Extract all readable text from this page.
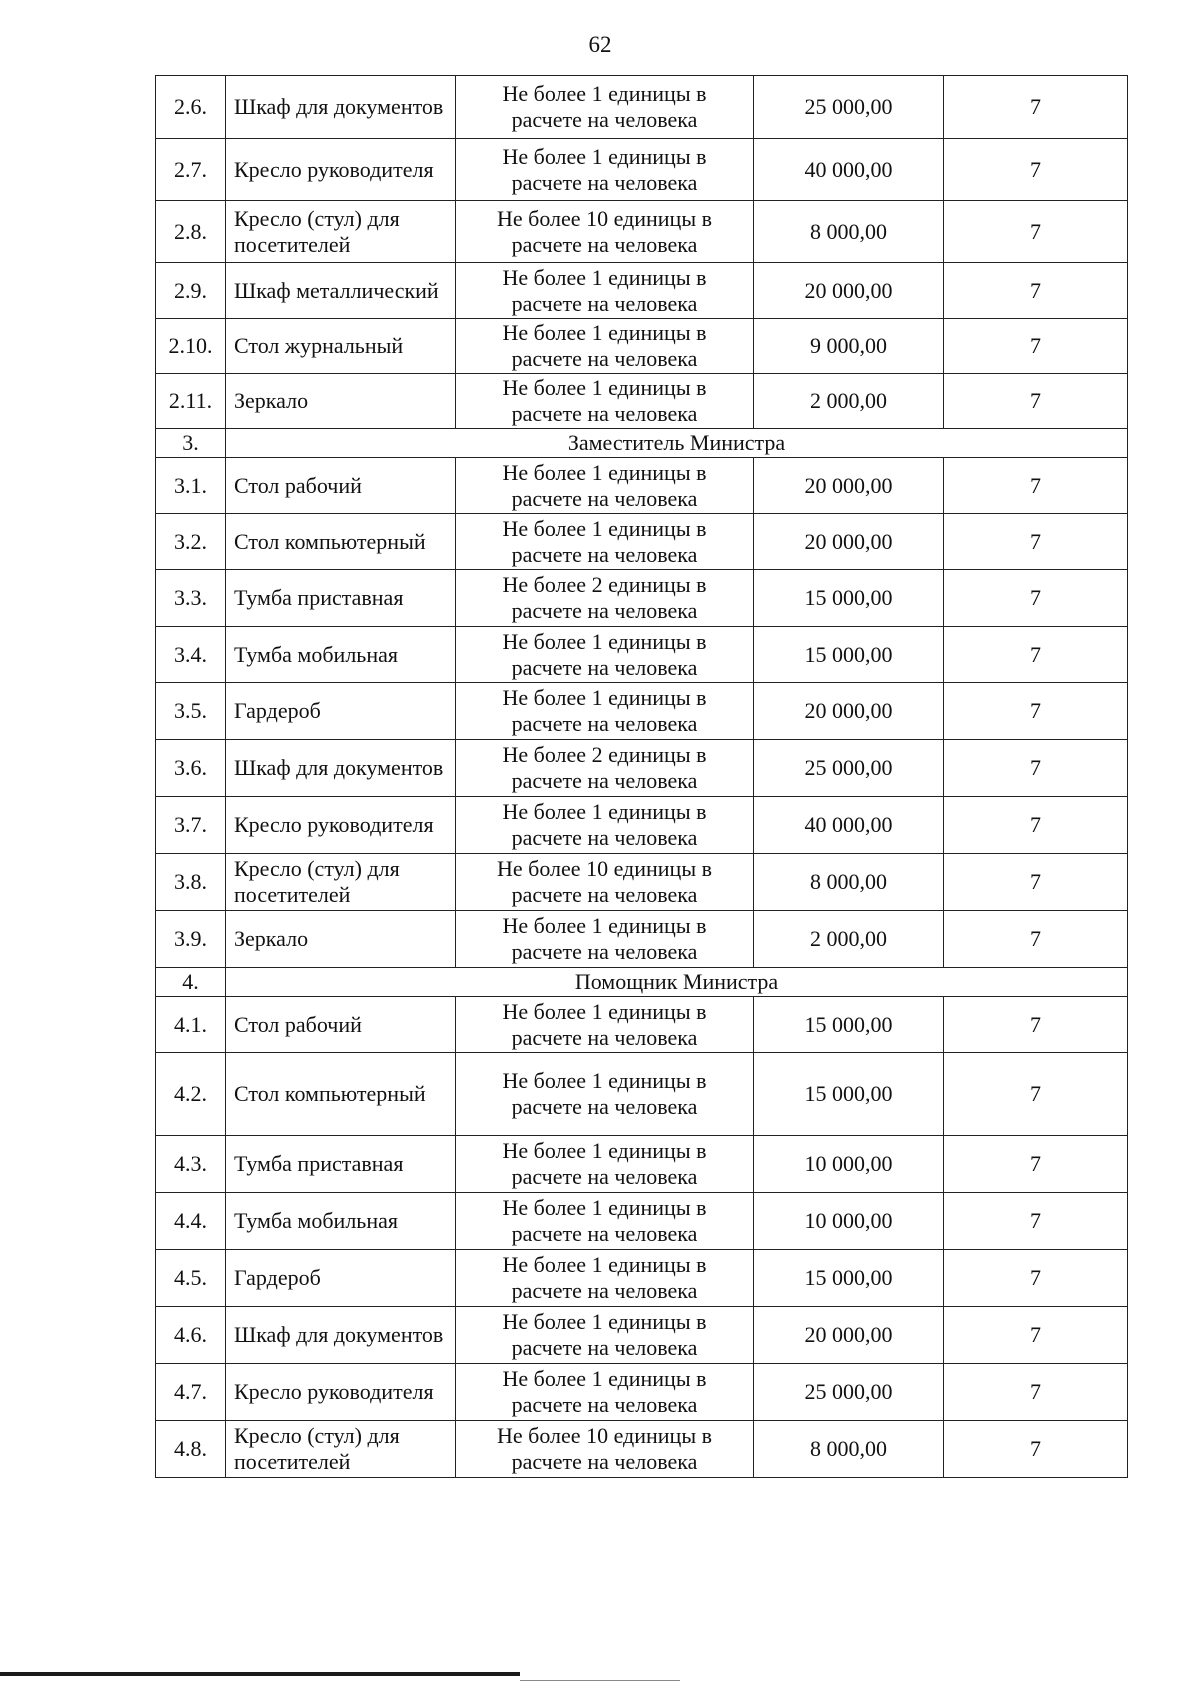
62
2.6.	Шкаф для документов	Не более 1 единицы в
расчете на человека	25 000,00	7
2.7.	Кресло руководителя	Не более 1 единицы в
расчете на человека	40 000,00	7
2.8.	Кресло (стул) для посетителей	Не более 10 единицы в
расчете на человека	8 000,00	7
2.9.	Шкаф металлический	Не более 1 единицы в
расчете на человека	20 000,00	7
2.10.	Стол журнальный	Не более 1 единицы в
расчете на человека	9 000,00	7
2.11.	Зеркало	Не более 1 единицы в
расчете на человека	2 000,00	7
3.	Заместитель Министра			
3.1.	Стол рабочий	Не более 1 единицы в
расчете на человека	20 000,00	7
3.2.	Стол компьютерный	Не более 1 единицы в
расчете на человека	20 000,00	7
3.3.	Тумба приставная	Не более 2 единицы в
расчете на человека	15 000,00	7
3.4.	Тумба мобильная	Не более 1 единицы в
расчете на человека	15 000,00	7
3.5.	Гардероб	Не более 1 единицы в
расчете на человека	20 000,00	7
3.6.	Шкаф для документов	Не более 2 единицы в
расчете на человека	25 000,00	7
3.7.	Кресло руководителя	Не более 1 единицы в
расчете на человека	40 000,00	7
3.8.	Кресло (стул) для посетителей	Не более 10 единицы в
расчете на человека	8 000,00	7
3.9.	Зеркало	Не более 1 единицы в
расчете на человека	2 000,00	7
4.	Помощник Министра			
4.1.	Стол рабочий	Не более 1 единицы в
расчете на человека	15 000,00	7
4.2.	Стол компьютерный	Не более 1 единицы в
расчете на человека	15 000,00	7
4.3.	Тумба приставная	Не более 1 единицы в
расчете на человека	10 000,00	7
4.4.	Тумба мобильная	Не более 1 единицы в
расчете на человека	10 000,00	7
4.5.	Гардероб	Не более 1 единицы в
расчете на человека	15 000,00	7
4.6.	Шкаф для документов	Не более 1 единицы в
расчете на человека	20 000,00	7
4.7.	Кресло руководителя	Не более 1 единицы в
расчете на человека	25 000,00	7
4.8.	Кресло (стул) для посетителей	Не более 10 единицы в
расчете на человека	8 000,00	7
